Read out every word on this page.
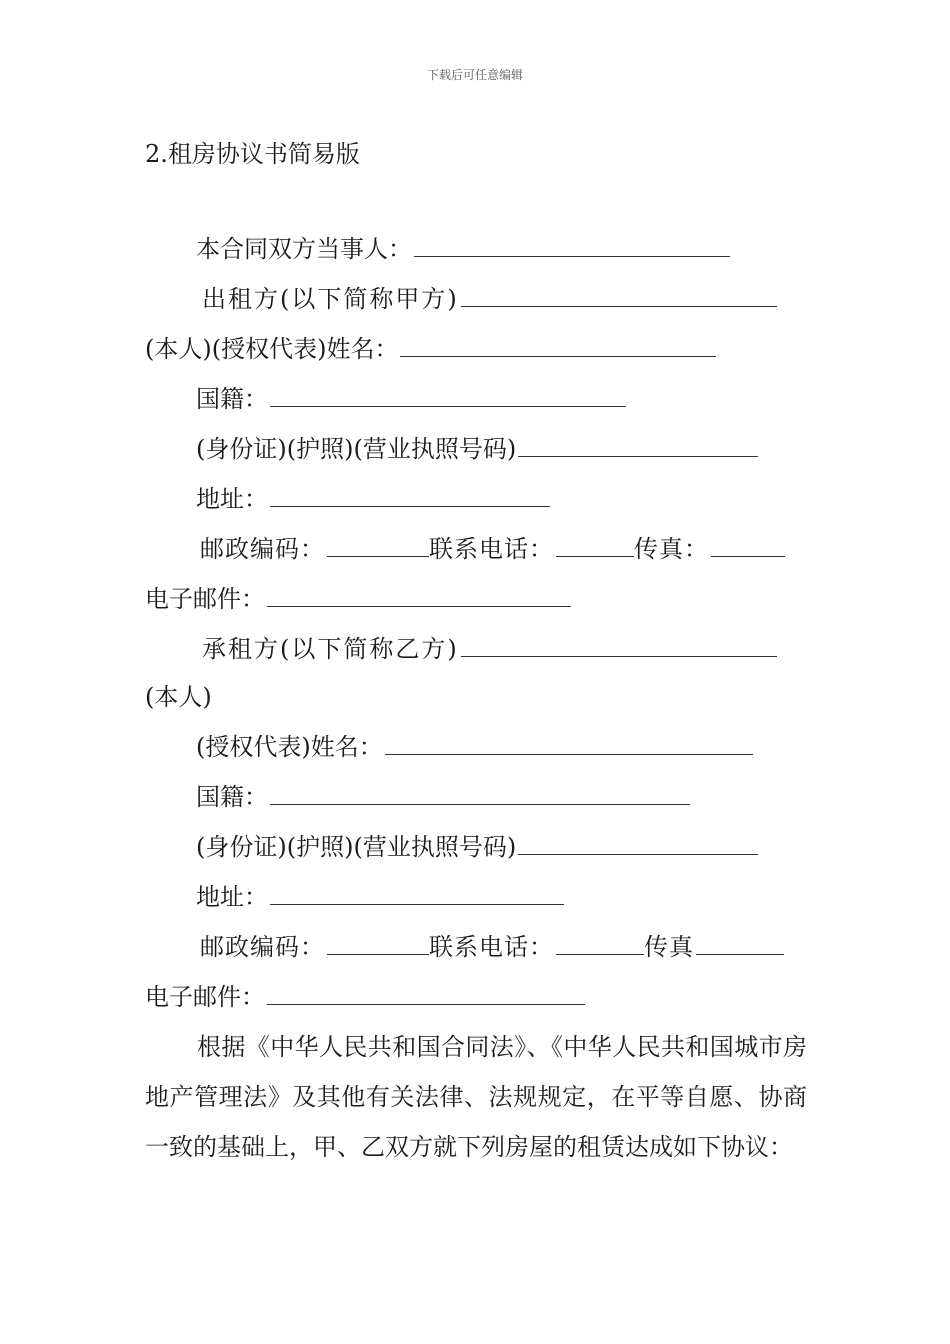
下载后可任意编辑
2.租房协议书简易版
本合同双方当事人：
出租方(以下简称甲方)
(本人)(授权代表)姓名：
国籍：
(身份证)(护照)(营业执照号码)
地址：
邮政编码：	联系电话：	传真：
电子邮件：
承租方(以下简称乙方)
(本人)
(授权代表)姓名：
国籍：
(身份证)(护照)(营业执照号码)
地址：
邮政编码：	联系电话：	传真
电子邮件：
根据《中华人民共和国合同法》、《中华人民共和国城市房地产管理法》及其他有关法律、法规规定，在平等自愿、协商一致的基础上，甲、乙双方就下列房屋的租赁达成如下协议：
